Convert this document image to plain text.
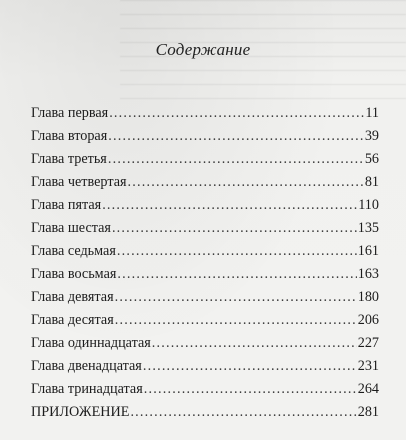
Содержание
Глава первая .....	11
Глава вторая .....	39
Глава третья .....	56
Глава четвертая .....	81
Глава пятая .....	110
Глава шестая .....	135
Глава седьмая .....	161
Глава восьмая .....	163
Глава девятая .....	180
Глава десятая .....	206
Глава одиннадцатая .....	227
Глава двенадцатая .....	231
Глава тринадцатая .....	264
ПРИЛОЖЕНИЕ .....	281
